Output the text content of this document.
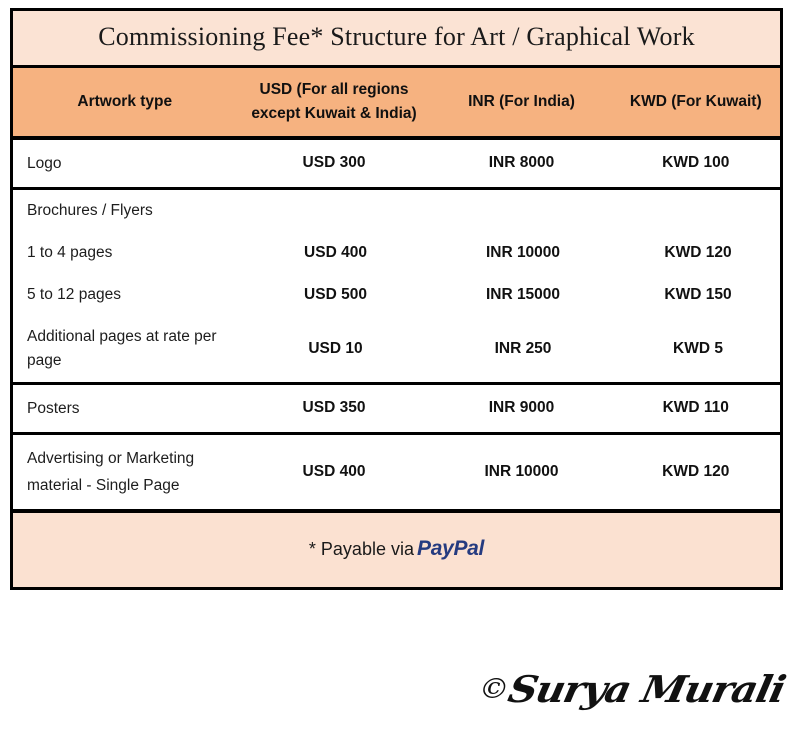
Commissioning Fee* Structure for Art / Graphical Work
Artwork type	USD (For all regions except Kuwait & India)	INR (For India)	KWD (For Kuwait)
Logo	USD 300	INR 8000	KWD 100

Brochures / Flyers			
1 to 4 pages	USD 400	INR 10000	KWD 120
5 to 12 pages	USD 500	INR 15000	KWD 150
Additional pages at rate per page	USD 10	INR 250	KWD 5

Posters	USD 350	INR 9000	KWD 110
Advertising or Marketing material - Single Page	USD 400	INR 10000	KWD 120
* Payable via PayPal
©Surya Murali
